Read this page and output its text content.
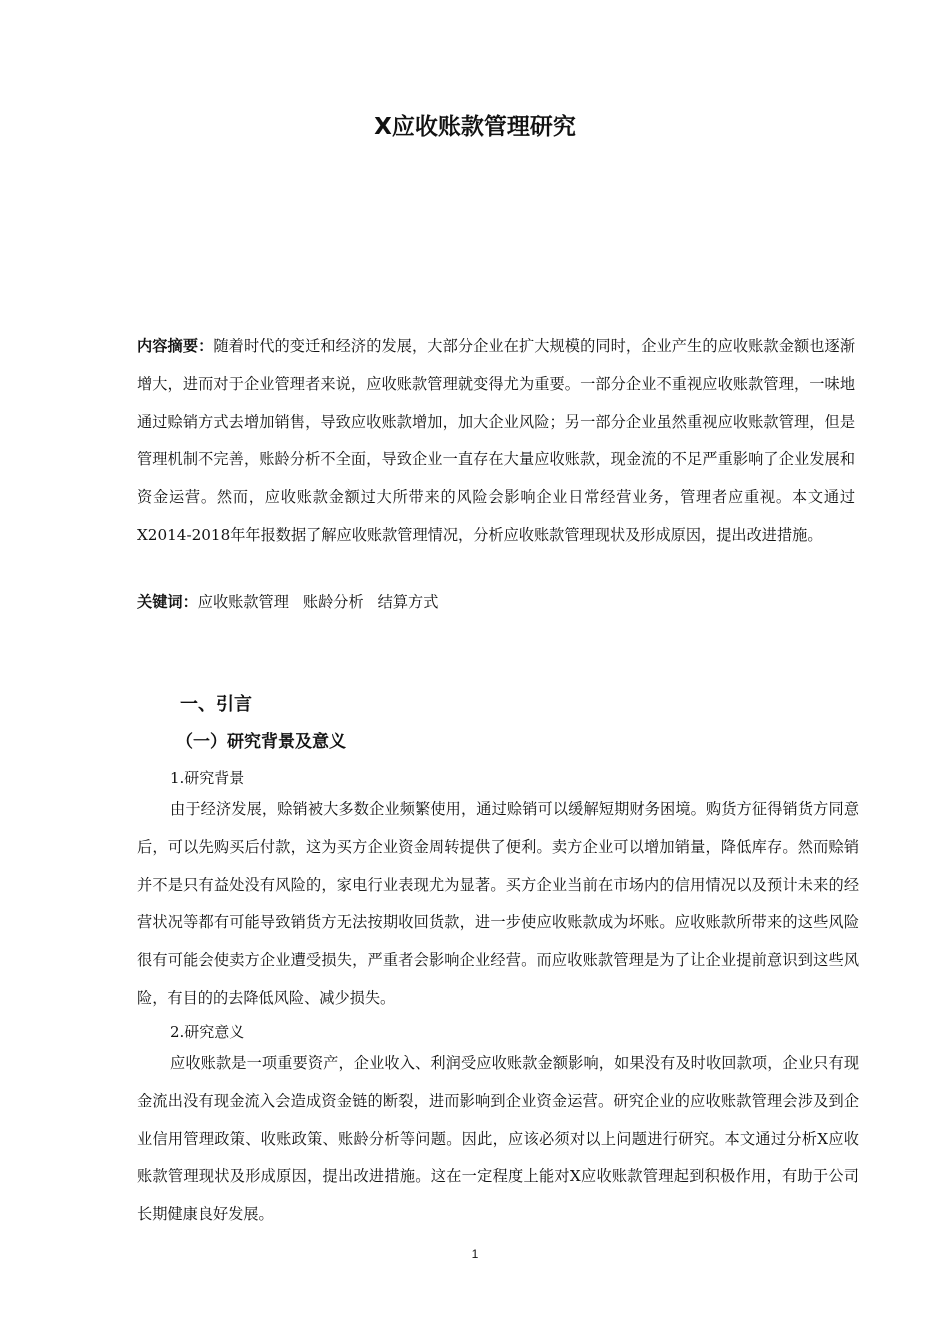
X应收账款管理研究
内容摘要：随着时代的变迁和经济的发展，大部分企业在扩大规模的同时，企业产生的应收账款金额也逐渐增大，进而对于企业管理者来说，应收账款管理就变得尤为重要。一部分企业不重视应收账款管理，一味地通过赊销方式去增加销售，导致应收账款增加，加大企业风险；另一部分企业虽然重视应收账款管理，但是管理机制不完善，账龄分析不全面，导致企业一直存在大量应收账款，现金流的不足严重影响了企业发展和资金运营。然而，应收账款金额过大所带来的风险会影响企业日常经营业务，管理者应重视。本文通过X2014-2018年年报数据了解应收账款管理情况，分析应收账款管理现状及形成原因，提出改进措施。
关键词：应收账款管理 账龄分析 结算方式
一、引言
（一）研究背景及意义
1.研究背景
由于经济发展，赊销被大多数企业频繁使用，通过赊销可以缓解短期财务困境。购货方征得销货方同意后，可以先购买后付款，这为买方企业资金周转提供了便利。卖方企业可以增加销量，降低库存。然而赊销并不是只有益处没有风险的，家电行业表现尤为显著。买方企业当前在市场内的信用情况以及预计未来的经营状况等都有可能导致销货方无法按期收回货款，进一步使应收账款成为坏账。应收账款所带来的这些风险很有可能会使卖方企业遭受损失，严重者会影响企业经营。而应收账款管理是为了让企业提前意识到这些风险，有目的的去降低风险、减少损失。
2.研究意义
应收账款是一项重要资产，企业收入、利润受应收账款金额影响，如果没有及时收回款项，企业只有现金流出没有现金流入会造成资金链的断裂，进而影响到企业资金运营。研究企业的应收账款管理会涉及到企业信用管理政策、收账政策、账龄分析等问题。因此，应该必须对以上问题进行研究。本文通过分析X应收账款管理现状及形成原因，提出改进措施。这在一定程度上能对X应收账款管理起到积极作用，有助于公司长期健康良好发展。
1
